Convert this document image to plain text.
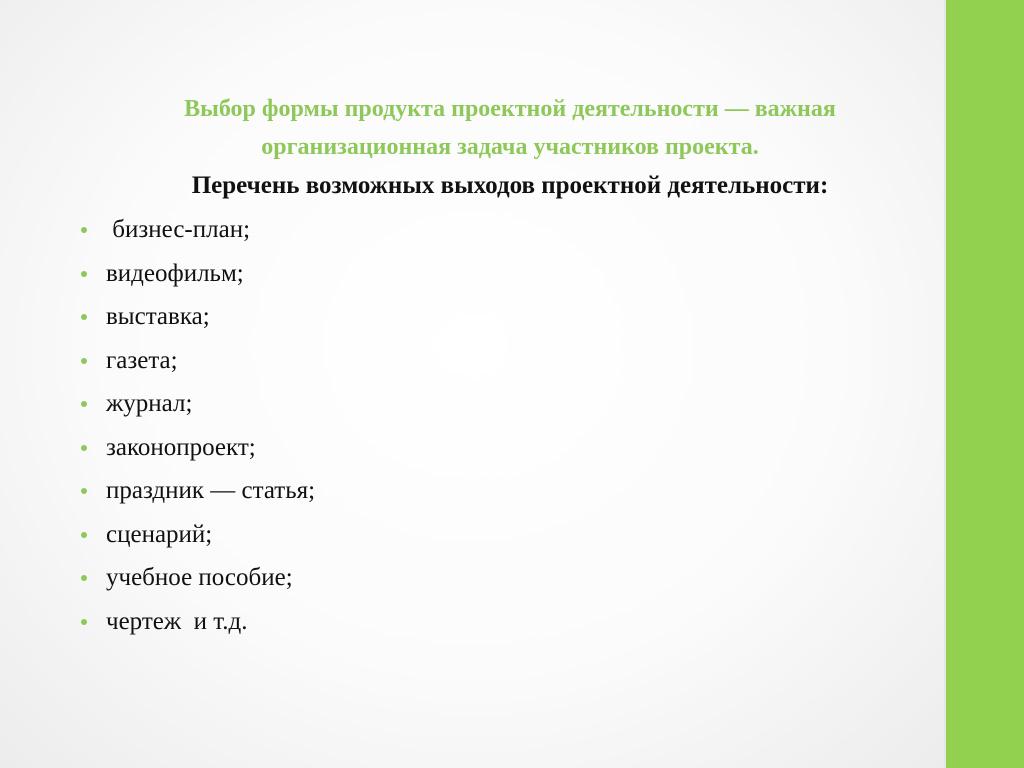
Выбор формы продукта проектной деятельности — важная организационная задача участников проекта.
Перечень возможных выходов проектной деятельности:
бизнес-план;
видеофильм;
выставка;
газета;
журнал;
законопроект;
праздник — статья;
сценарий;
учебное пособие;
чертеж  и т.д.
